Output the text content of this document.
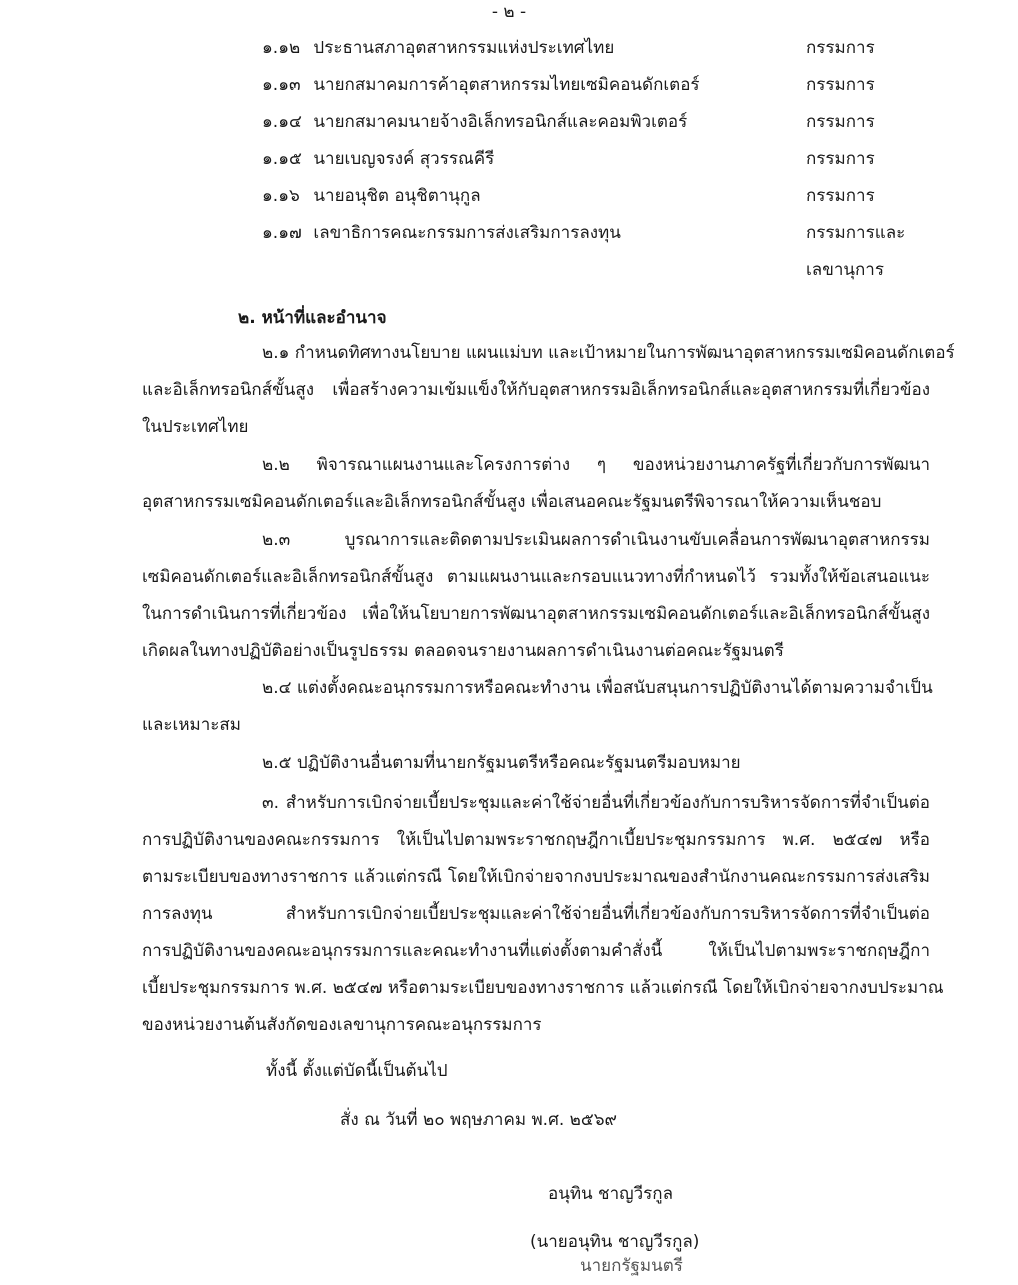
- ๒ -
๑.๑๒ ประธานสภาอุตสาหกรรมแห่งประเทศไทย	กรรมการ
๑.๑๓ นายกสมาคมการค้าอุตสาหกรรมไทยเซมิคอนดักเตอร์	กรรมการ
๑.๑๔ นายกสมาคมนายจ้างอิเล็กทรอนิกส์และคอมพิวเตอร์	กรรมการ
๑.๑๕ นายเบญจรงค์ สุวรรณคีรี	กรรมการ
๑.๑๖ นายอนุชิต อนุชิตานุกูล	กรรมการ
๑.๑๗ เลขาธิการคณะกรรมการส่งเสริมการลงทุน	กรรมการและ
เลขานุการ
๒. หน้าที่และอำนาจ
๒.๑ กำหนดทิศทางนโยบาย แผนแม่บท และเป้าหมายในการพัฒนาอุตสาหกรรมเซมิคอนดักเตอร์
และอิเล็กทรอนิกส์ขั้นสูง เพื่อสร้างความเข้มแข็งให้กับอุตสาหกรรมอิเล็กทรอนิกส์และอุตสาหกรรมที่เกี่ยวข้อง
ในประเทศไทย
๒.๒ พิจารณาแผนงานและโครงการต่าง ๆ ของหน่วยงานภาครัฐที่เกี่ยวกับการพัฒนา
อุตสาหกรรมเซมิคอนดักเตอร์และอิเล็กทรอนิกส์ขั้นสูง เพื่อเสนอคณะรัฐมนตรีพิจารณาให้ความเห็นชอบ
๒.๓ บูรณาการและติดตามประเมินผลการดำเนินงานขับเคลื่อนการพัฒนาอุตสาหกรรม
เซมิคอนดักเตอร์และอิเล็กทรอนิกส์ขั้นสูง ตามแผนงานและกรอบแนวทางที่กำหนดไว้ รวมทั้งให้ข้อเสนอแนะ
ในการดำเนินการที่เกี่ยวข้อง เพื่อให้นโยบายการพัฒนาอุตสาหกรรมเซมิคอนดักเตอร์และอิเล็กทรอนิกส์ขั้นสูง
เกิดผลในทางปฏิบัติอย่างเป็นรูปธรรม ตลอดจนรายงานผลการดำเนินงานต่อคณะรัฐมนตรี
๒.๔ แต่งตั้งคณะอนุกรรมการหรือคณะทำงาน เพื่อสนับสนุนการปฏิบัติงานได้ตามความจำเป็น
และเหมาะสม
๒.๕ ปฏิบัติงานอื่นตามที่นายกรัฐมนตรีหรือคณะรัฐมนตรีมอบหมาย
๓. สำหรับการเบิกจ่ายเบี้ยประชุมและค่าใช้จ่ายอื่นที่เกี่ยวข้องกับการบริหารจัดการที่จำเป็นต่อ
การปฏิบัติงานของคณะกรรมการ ให้เป็นไปตามพระราชกฤษฎีกาเบี้ยประชุมกรรมการ พ.ศ. ๒๕๔๗ หรือ
ตามระเบียบของทางราชการ แล้วแต่กรณี โดยให้เบิกจ่ายจากงบประมาณของสำนักงานคณะกรรมการส่งเสริม
การลงทุน สำหรับการเบิกจ่ายเบี้ยประชุมและค่าใช้จ่ายอื่นที่เกี่ยวข้องกับการบริหารจัดการที่จำเป็นต่อ
การปฏิบัติงานของคณะอนุกรรมการและคณะทำงานที่แต่งตั้งตามคำสั่งนี้ ให้เป็นไปตามพระราชกฤษฎีกา
เบี้ยประชุมกรรมการ พ.ศ. ๒๕๔๗ หรือตามระเบียบของทางราชการ แล้วแต่กรณี โดยให้เบิกจ่ายจากงบประมาณ
ของหน่วยงานต้นสังกัดของเลขานุการคณะอนุกรรมการ
ทั้งนี้ ตั้งแต่บัดนี้เป็นต้นไป
สั่ง ณ วันที่ ๒๐ พฤษภาคม พ.ศ. ๒๕๖๙
อนุทิน ชาญวีรกูล
(นายอนุทิน ชาญวีรกูล)
นายกรัฐมนตรี
